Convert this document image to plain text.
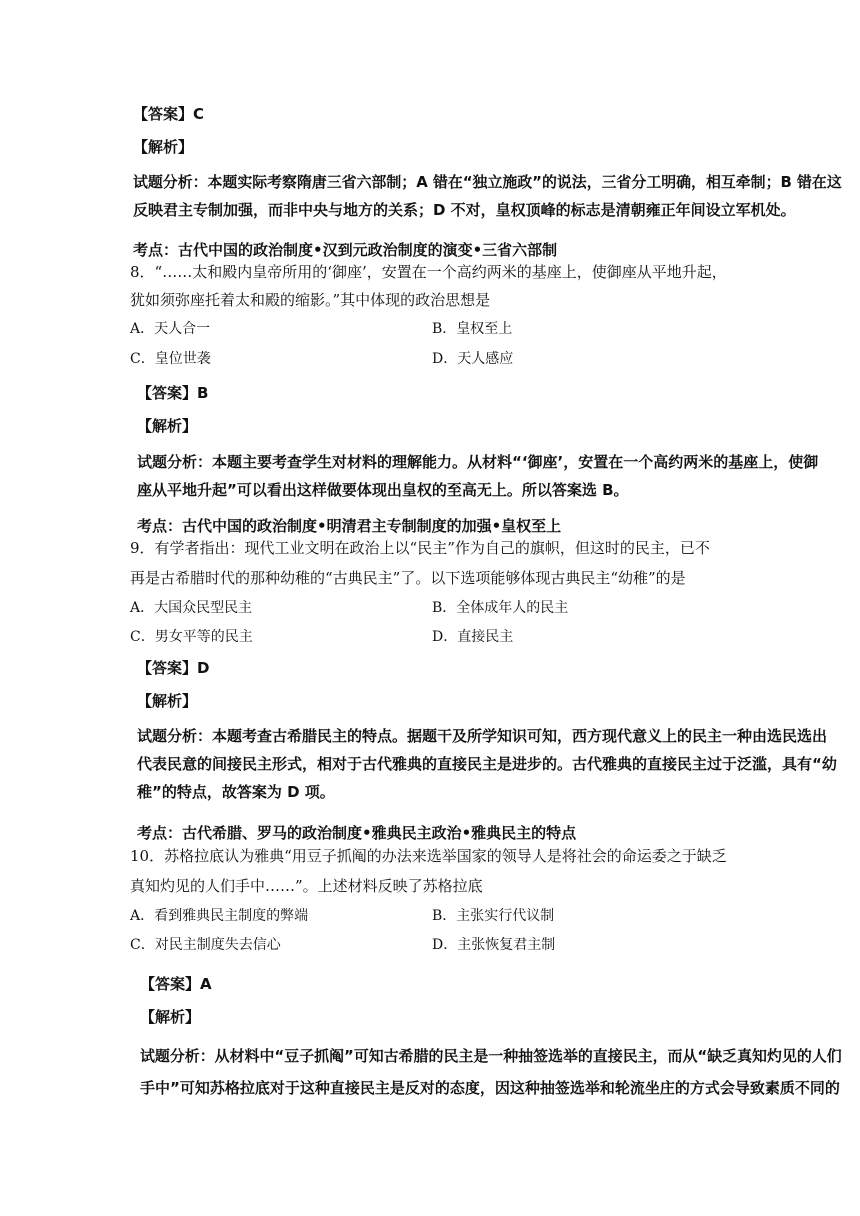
【答案】C
【解析】
试题分析：本题实际考察隋唐三省六部制；A 错在“独立施政”的说法，三省分工明确，相互牵制；B 错在这
反映君主专制加强，而非中央与地方的关系；D 不对，皇权顶峰的标志是清朝雍正年间设立军机处。
考点：古代中国的政治制度•汉到元政治制度的演变•三省六部制
8．“……太和殿内皇帝所用的‘御座’，安置在一个高约两米的基座上，使御座从平地升起，
犹如须弥座托着太和殿的缩影。”其中体现的政治思想是
A．天人合一	B．皇权至上
C．皇位世袭	D．天人感应
【答案】B
【解析】
试题分析：本题主要考查学生对材料的理解能力。从材料“‘御座’，安置在一个高约两米的基座上，使御
座从平地升起”可以看出这样做要体现出皇权的至高无上。所以答案选 B。
考点：古代中国的政治制度•明清君主专制制度的加强•皇权至上
9．有学者指出：现代工业文明在政治上以“民主”作为自己的旗帜，但这时的民主，已不
再是古希腊时代的那种幼稚的“古典民主”了。以下选项能够体现古典民主“幼稚”的是
A．大国众民型民主	B．全体成年人的民主
C．男女平等的民主	D．直接民主
【答案】D
【解析】
试题分析：本题考查古希腊民主的特点。据题干及所学知识可知，西方现代意义上的民主一种由选民选出
代表民意的间接民主形式，相对于古代雅典的直接民主是进步的。古代雅典的直接民主过于泛滥，具有“幼
稚”的特点，故答案为 D 项。
考点：古代希腊、罗马的政治制度•雅典民主政治•雅典民主的特点
10．苏格拉底认为雅典“用豆子抓阄的办法来选举国家的领导人是将社会的命运委之于缺乏
真知灼见的人们手中……”。上述材料反映了苏格拉底
A．看到雅典民主制度的弊端	B．主张实行代议制
C．对民主制度失去信心	D．主张恢复君主制
【答案】A
【解析】
试题分析：从材料中“豆子抓阄”可知古希腊的民主是一种抽签选举的直接民主，而从“缺乏真知灼见的人们
手中”可知苏格拉底对于这种直接民主是反对的态度，因这种抽签选举和轮流坐庄的方式会导致素质不同的
